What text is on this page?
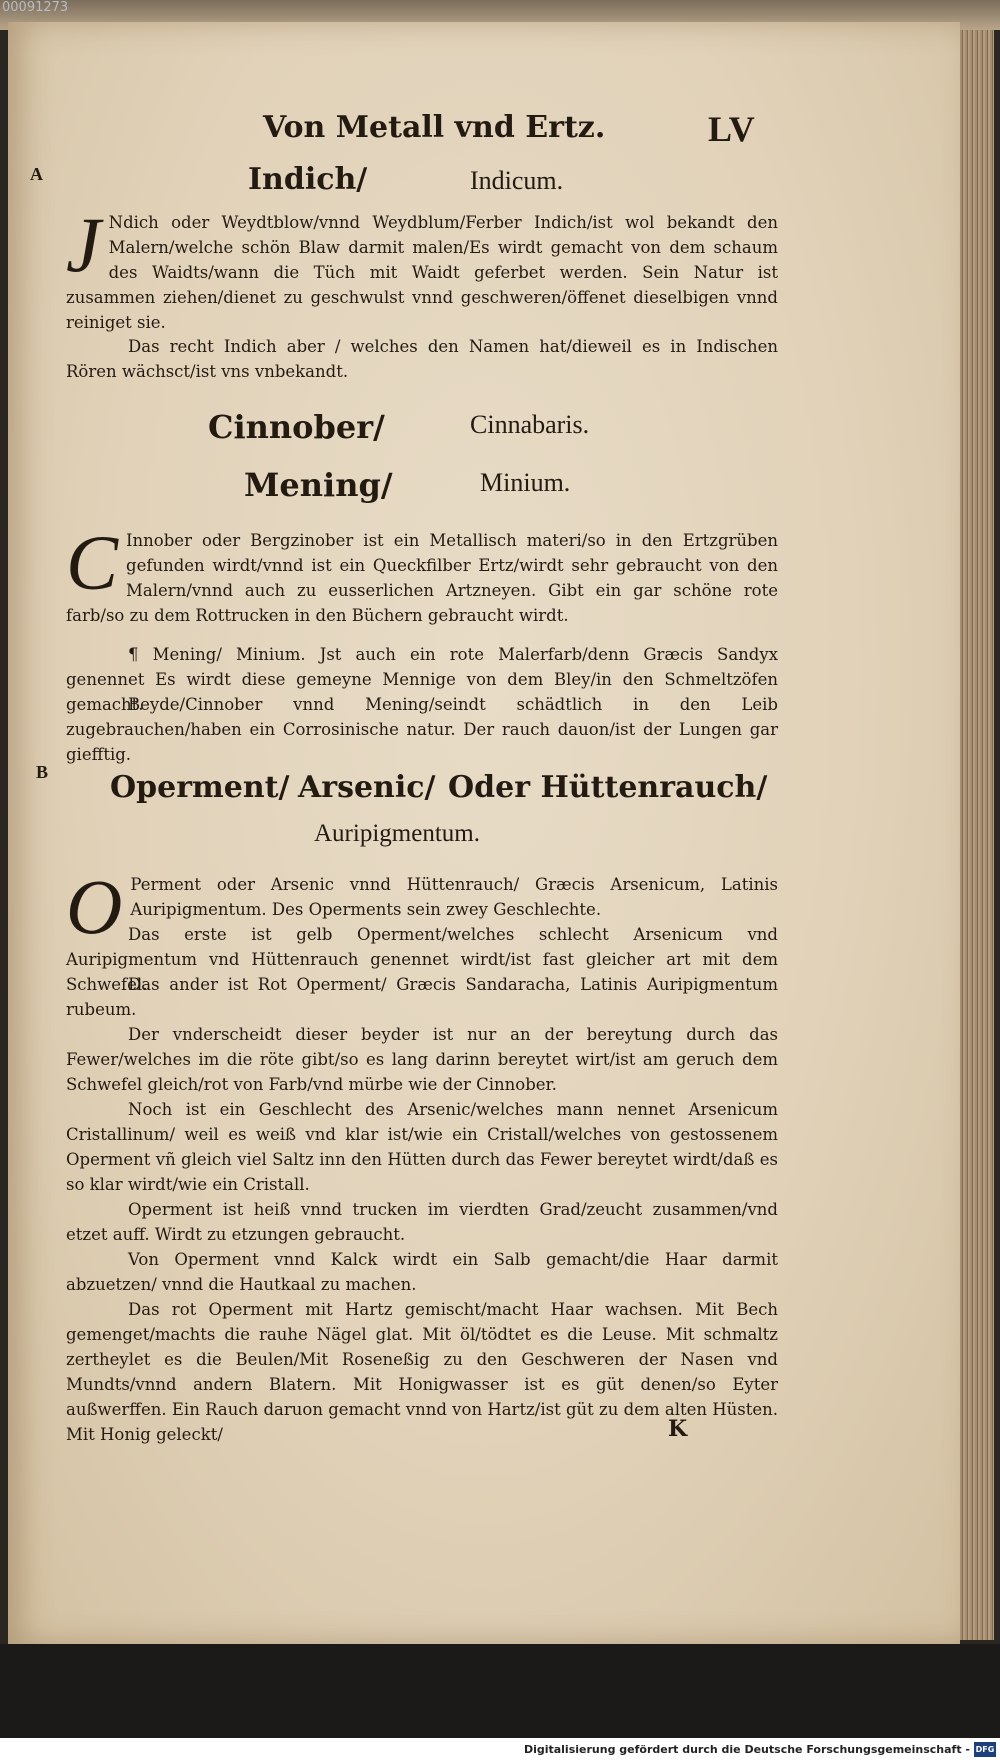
00091273
Von Metall vnd Ertz.	LV
A	Indich/	Indicum.
J Ndich oder Weydtblow/vnnd Weydblum/Ferber Indich/ist wol bekandt den Malern/welche schön Blaw darmit malen/Es wirdt gemacht von dem schaum des Waidts/wann die Tüch mit Waidt geferbet werden. Sein Natur ist zusammen ziehen/dienet zu geschwulst vnnd geschweren/öffenet dieselbigen vnnd reiniget sie.
Das recht Indich aber / welches den Namen hat/dieweil es in Indischen Rören wächsct/ist vns vnbekandt.
Cinnober/	Cinnabaris.
Mening/	Minium.
C Innober oder Bergzinober ist ein Metallisch materi/so in den Ertzgrüben gefunden wirdt/vnnd ist ein Queckfilber Ertz/wirdt sehr gebraucht von den Malern/vnnd auch zu eusserlichen Artzneyen. Gibt ein gar schöne rote farb/so zu dem Rottrucken in den Büchern gebraucht wirdt.
¶ Mening/ Minium. Jst auch ein rote Malerfarb/denn Græcis Sandyx genennet Es wirdt diese gemeyne Mennige von dem Bley/in den Schmeltzöfen gemacht.
Beyde/Cinnober vnnd Mening/seindt schädtlich in den Leib zugebrauchen/haben ein Corrosinische natur. Der rauch dauon/ist der Lungen gar giefftig.
B Operment/ Arsenic/ Oder Hüttenrauch/
Auripigmentum.
O Perment oder Arsenic vnnd Hüttenrauch/ Græcis Arsenicum, Latinis Auripigmentum. Des Operments sein zwey Geschlechte.
Das erste ist gelb Operment/welches schlecht Arsenicum vnd Auripigmentum vnd Hüttenrauch genennet wirdt/ist fast gleicher art mit dem Schwefel.
Das ander ist Rot Operment/ Græcis Sandaracha, Latinis Auripigmentum rubeum.
Der vnderscheidt dieser beyder ist nur an der bereytung durch das Fewer/welches im die röte gibt/so es lang darinn bereytet wirt/ist am geruch dem Schwefel gleich/rot von Farb/vnd mürbe wie der Cinnober.
Noch ist ein Geschlecht des Arsenic/welches mann nennet Arsenicum Cristallinum/ weil es weiß vnd klar ist/wie ein Cristall/welches von gestossenem Operment vñ gleich viel Saltz inn den Hütten durch das Fewer bereytet wirdt/daß es so klar wirdt/wie ein Cristall.
Operment ist heiß vnnd trucken im vierdten Grad/zeucht zusammen/vnd etzet auff. Wirdt zu etzungen gebraucht.
Von Operment vnnd Kalck wirdt ein Salb gemacht/die Haar darmit abzuetzen/ vnnd die Hautkaal zu machen.
Das rot Operment mit Hartz gemischt/macht Haar wachsen. Mit Bech gemenget/machts die rauhe Nägel glat. Mit öl/tödtet es die Leuse. Mit schmaltz zertheylet es die Beulen/Mit Roseneßig zu den Geschweren der Nasen vnd Mundts/vnnd andern Blatern. Mit Honigwasser ist es güt denen/so Eyter außwerffen. Ein Rauch daruon gemacht vnnd von Hartz/ist güt zu dem alten Hüsten. Mit Honig geleckt/	K
Digitalisierung gefördert durch die Deutsche Forschungsgemeinschaft - DFG
